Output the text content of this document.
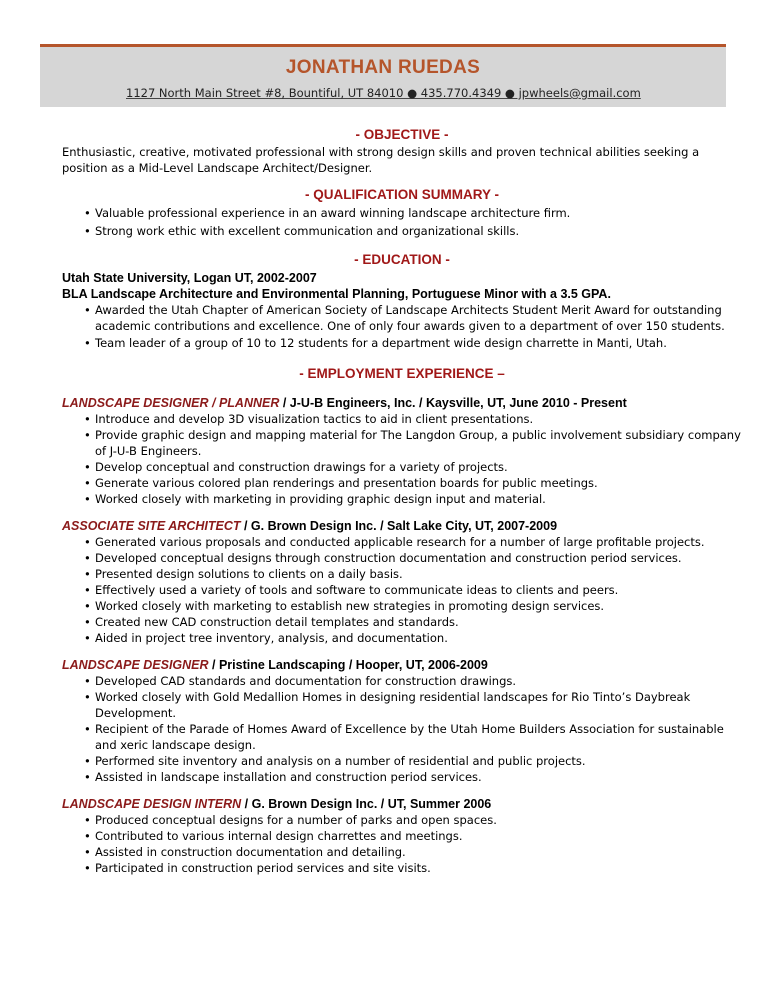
JONATHAN RUEDAS
1127 North Main Street #8, Bountiful, UT 84010 ● 435.770.4349 ● jpwheels@gmail.com
- OBJECTIVE -

Enthusiastic, creative, motivated professional with strong design skills and proven technical abilities seeking a position as a Mid-Level Landscape Architect/Designer.

- QUALIFICATION SUMMARY -
• Valuable professional experience in an award winning landscape architecture firm.
• Strong work ethic with excellent communication and organizational skills.
- EDUCATION -
Utah State University, Logan UT, 2002-2007
BLA Landscape Architecture and Environmental Planning, Portuguese Minor with a 3.5 GPA.
• Awarded the Utah Chapter of American Society of Landscape Architects Student Merit Award for outstanding academic contributions and excellence. One of only four awards given to a department of over 150 students.
• Team leader of a group of 10 to 12 students for a department wide design charrette in Manti, Utah.
- EMPLOYMENT EXPERIENCE –
LANDSCAPE DESIGNER / PLANNER / J-U-B Engineers, Inc. / Kaysville, UT, June 2010 - Present
• Introduce and develop 3D visualization tactics to aid in client presentations.
• Provide graphic design and mapping material for The Langdon Group, a public involvement subsidiary company of J-U-B Engineers.
• Develop conceptual and construction drawings for a variety of projects.
• Generate various colored plan renderings and presentation boards for public meetings.
• Worked closely with marketing in providing graphic design input and material.
ASSOCIATE SITE ARCHITECT / G. Brown Design Inc. / Salt Lake City, UT, 2007-2009
• Generated various proposals and conducted applicable research for a number of large profitable projects.
• Developed conceptual designs through construction documentation and construction period services.
• Presented design solutions to clients on a daily basis.
• Effectively used a variety of tools and software to communicate ideas to clients and peers.
• Worked closely with marketing to establish new strategies in promoting design services.
• Created new CAD construction detail templates and standards.
• Aided in project tree inventory, analysis, and documentation.
LANDSCAPE DESIGNER / Pristine Landscaping / Hooper, UT, 2006-2009
• Developed CAD standards and documentation for construction drawings.
• Worked closely with Gold Medallion Homes in designing residential landscapes for Rio Tinto’s Daybreak Development.
• Recipient of the Parade of Homes Award of Excellence by the Utah Home Builders Association for sustainable and xeric landscape design.
• Performed site inventory and analysis on a number of residential and public projects.
• Assisted in landscape installation and construction period services.
LANDSCAPE DESIGN INTERN / G. Brown Design Inc. / UT, Summer 2006
• Produced conceptual designs for a number of parks and open spaces.
• Contributed to various internal design charrettes and meetings.
• Assisted in construction documentation and detailing.
• Participated in construction period services and site visits.
